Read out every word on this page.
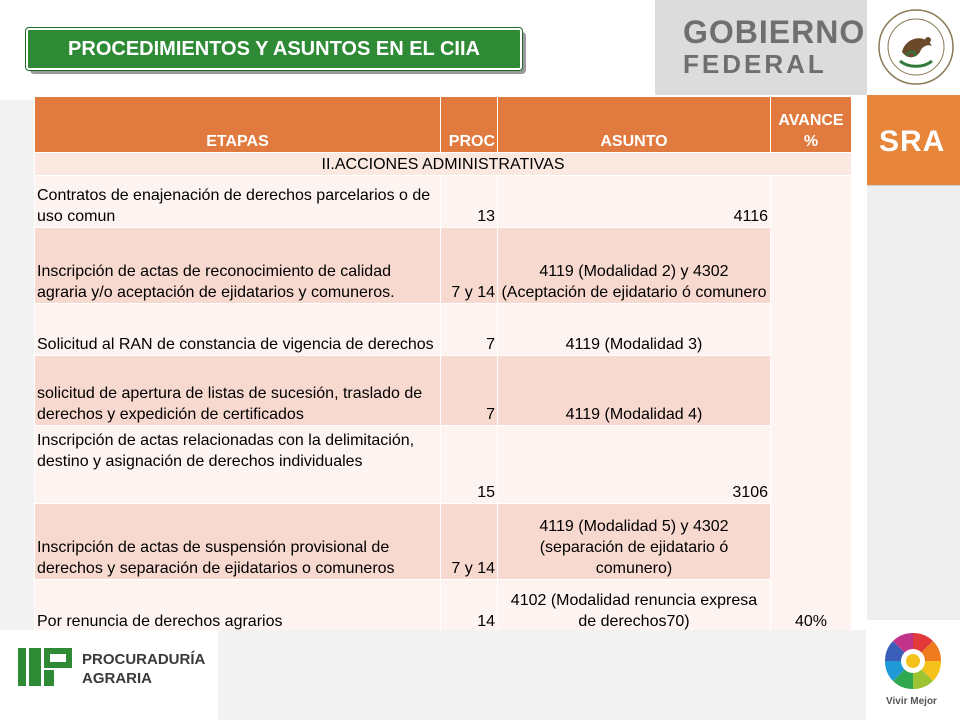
GOBIERNO
FEDERAL
SRA
PROCEDIMIENTOS Y ASUNTOS EN EL CIIA
ETAPAS	PROC	ASUNTO	AVANCE
%

II.ACCIONES ADMINISTRATIVAS			
Contratos de enajenación de derechos parcelarios o de uso comun	13	4116	40%
Inscripción de actas de reconocimiento de calidad agraria y/o aceptación de ejidatarios y comuneros.	7 y 14	4119 (Modalidad 2) y 4302 (Aceptación de ejidatario ó comunero	
Solicitud al RAN de constancia de vigencia de derechos	7	4119 (Modalidad 3)	
solicitud de apertura de listas de sucesión, traslado de derechos y expedición de certificados	7	4119 (Modalidad 4)	
Inscripción de actas relacionadas con la delimitación, destino y asignación de derechos individuales	15	3106	
Inscripción de actas de suspensión provisional de derechos y separación de ejidatarios o comuneros	7 y 14	4119 (Modalidad 5) y 4302 (separación de ejidatario ó comunero)	
Por renuncia de derechos agrarios	14	4102 (Modalidad renuncia expresa de derechos70)	
PROCURADURÍA
AGRARIA
Vivir Mejor
